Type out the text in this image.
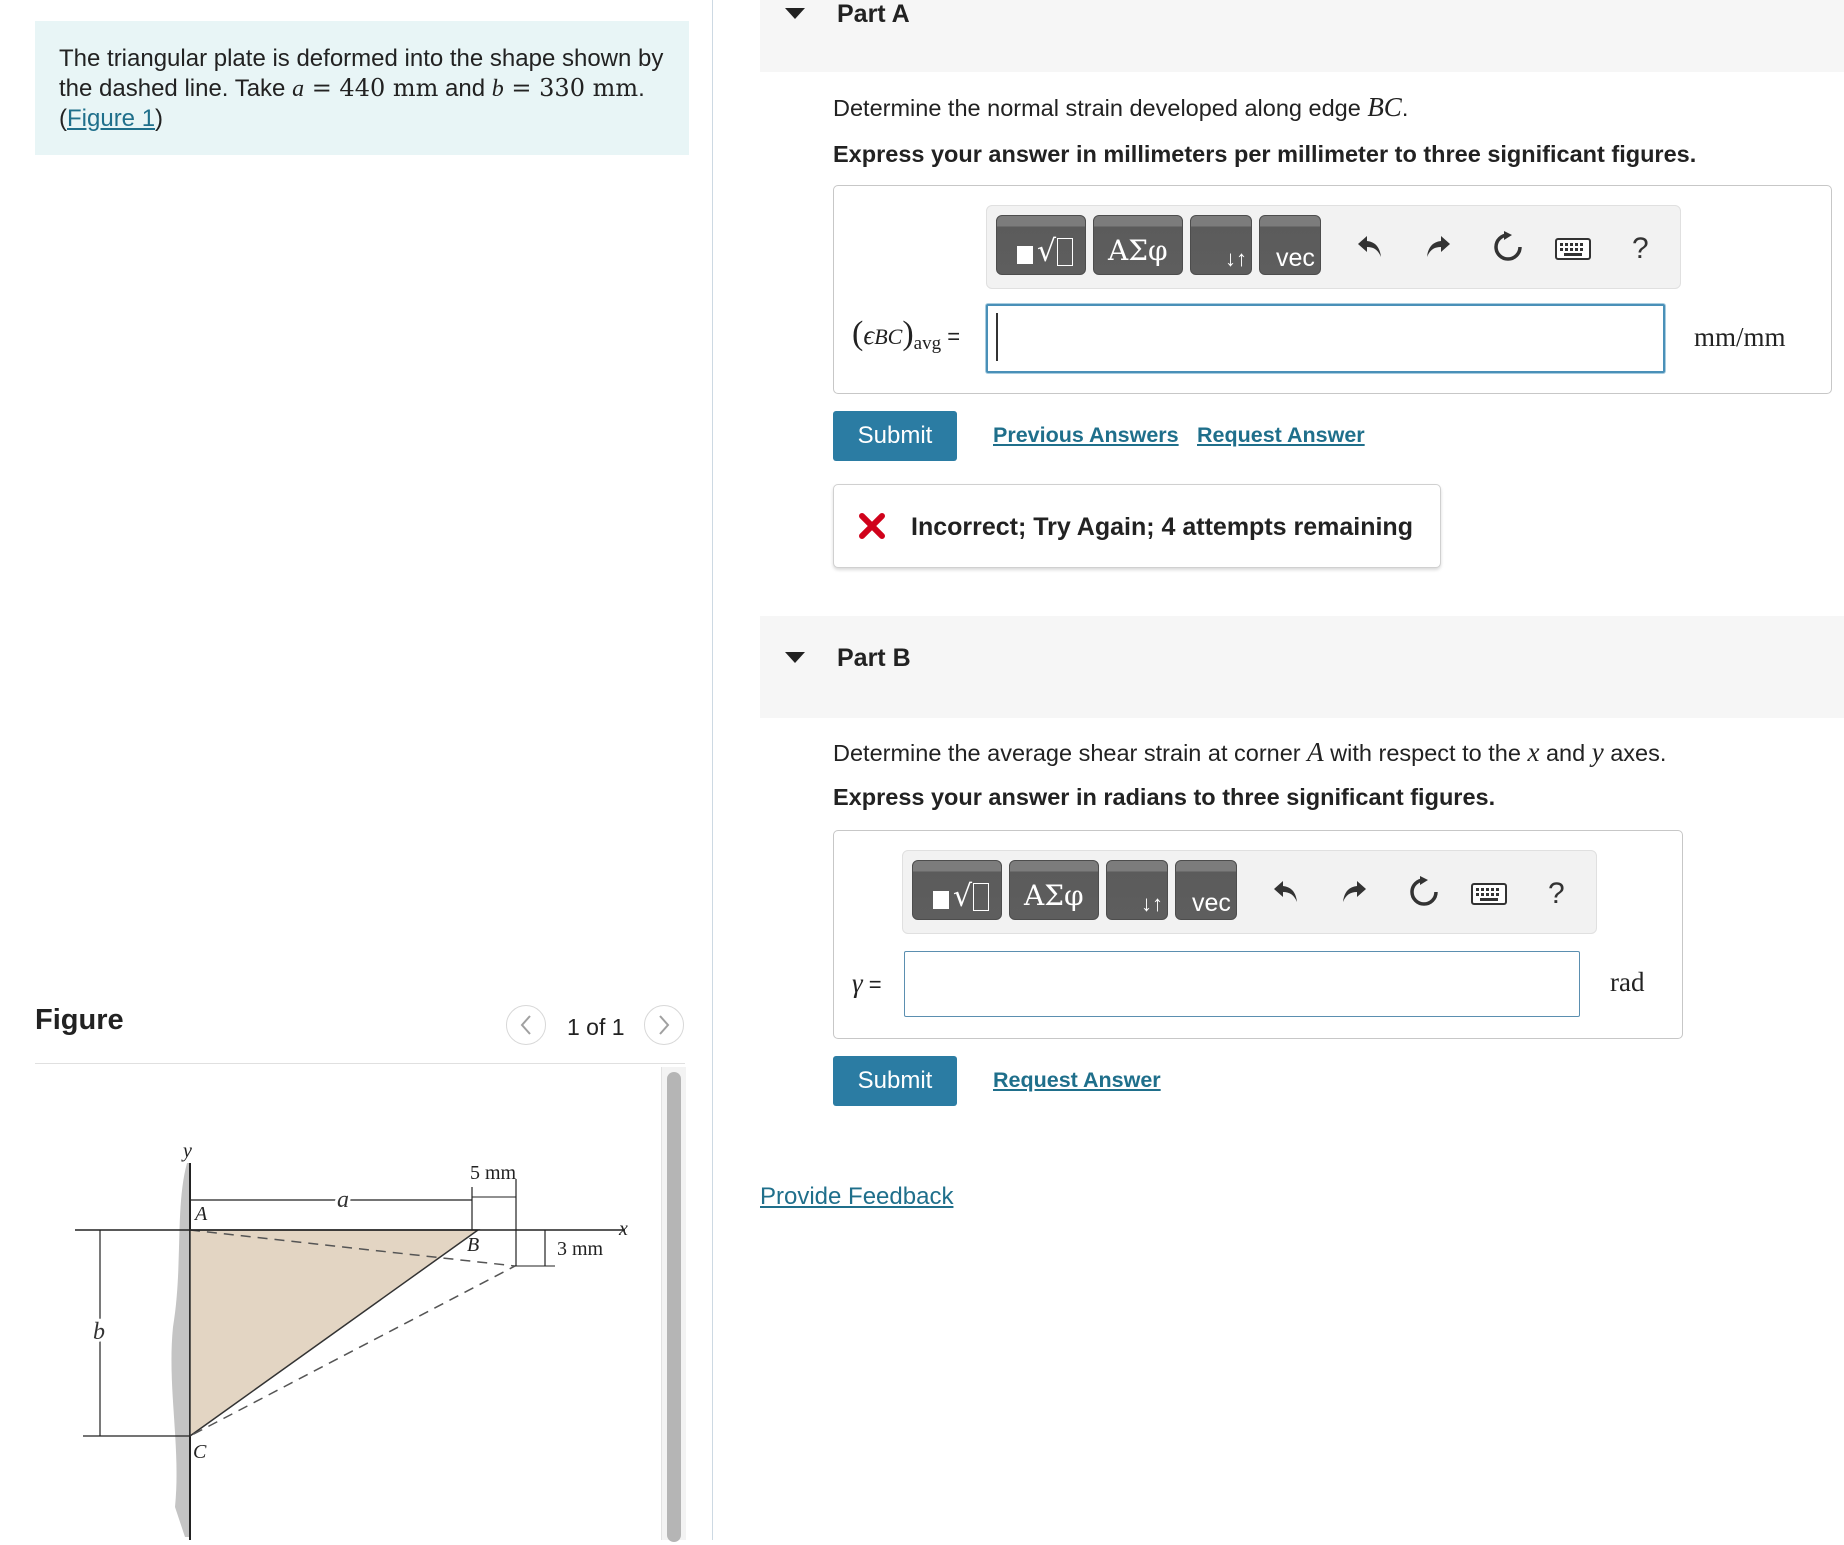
The triangular plate is deformed into the shape shown by the dashed line. Take a = 440 mm and b = 330 mm.
(Figure 1)
Figure	1 of 1
y
x
a
b
A
B
C
5 mm
3 mm
Part A
Determine the normal strain developed along edge BC.
Express your answer in millimeters per millimeter to three significant figures.
√ ΑΣφ	↓↑ vec	?
(ϵBC)avg =	mm/mm
Submit	Previous Answers Request Answer
Incorrect; Try Again; 4 attempts remaining
Part B
Determine the average shear strain at corner A with respect to the x and y axes.
Express your answer in radians to three significant figures.
√ ΑΣφ	↓↑ vec	?
γ =	rad
Submit	Request Answer
Provide Feedback
